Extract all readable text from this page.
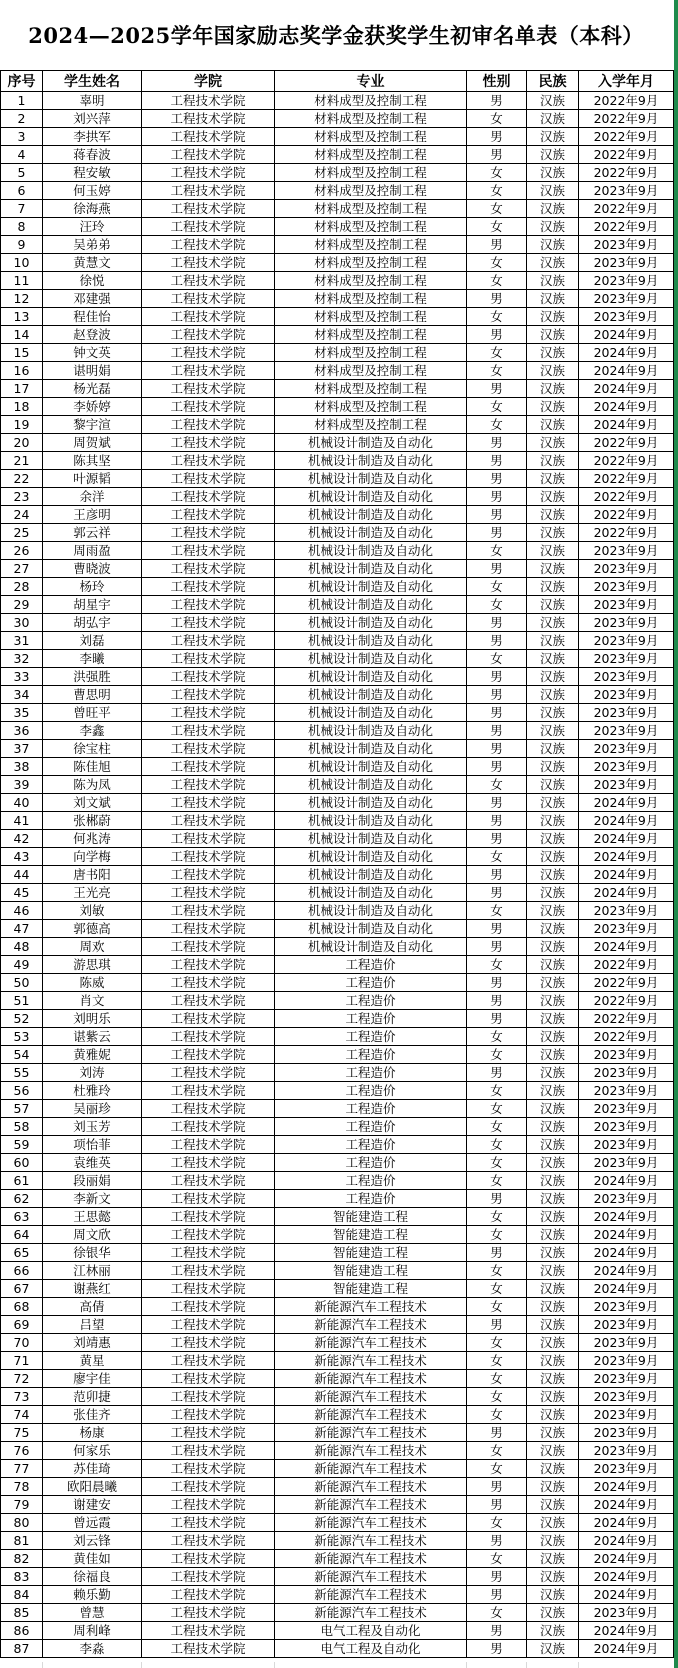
2024—2025学年国家励志奖学金获奖学生初审名单表（本科）
序号	学生姓名	学院	专业	性别	民族	入学年月
1	辜明	工程技术学院	材料成型及控制工程	男	汉族	2022年9月
2	刘兴萍	工程技术学院	材料成型及控制工程	女	汉族	2022年9月
3	李拱军	工程技术学院	材料成型及控制工程	男	汉族	2022年9月
4	蒋春波	工程技术学院	材料成型及控制工程	男	汉族	2022年9月
5	程安敏	工程技术学院	材料成型及控制工程	女	汉族	2022年9月
6	何玉婷	工程技术学院	材料成型及控制工程	女	汉族	2023年9月
7	徐海燕	工程技术学院	材料成型及控制工程	女	汉族	2022年9月
8	汪玲	工程技术学院	材料成型及控制工程	女	汉族	2022年9月
9	吴弟弟	工程技术学院	材料成型及控制工程	男	汉族	2023年9月
10	黄慧文	工程技术学院	材料成型及控制工程	女	汉族	2023年9月
11	徐悦	工程技术学院	材料成型及控制工程	女	汉族	2023年9月
12	邓建强	工程技术学院	材料成型及控制工程	男	汉族	2023年9月
13	程佳怡	工程技术学院	材料成型及控制工程	女	汉族	2023年9月
14	赵登波	工程技术学院	材料成型及控制工程	男	汉族	2024年9月
15	钟文英	工程技术学院	材料成型及控制工程	女	汉族	2024年9月
16	谌明娟	工程技术学院	材料成型及控制工程	女	汉族	2024年9月
17	杨光磊	工程技术学院	材料成型及控制工程	男	汉族	2024年9月
18	李娇婷	工程技术学院	材料成型及控制工程	女	汉族	2024年9月
19	黎宇渲	工程技术学院	材料成型及控制工程	女	汉族	2024年9月
20	周贺斌	工程技术学院	机械设计制造及自动化	男	汉族	2022年9月
21	陈其坚	工程技术学院	机械设计制造及自动化	男	汉族	2022年9月
22	叶源韬	工程技术学院	机械设计制造及自动化	男	汉族	2022年9月
23	余洋	工程技术学院	机械设计制造及自动化	男	汉族	2022年9月
24	王彦明	工程技术学院	机械设计制造及自动化	男	汉族	2022年9月
25	郭云祥	工程技术学院	机械设计制造及自动化	男	汉族	2022年9月
26	周雨盈	工程技术学院	机械设计制造及自动化	女	汉族	2023年9月
27	曹晓波	工程技术学院	机械设计制造及自动化	男	汉族	2023年9月
28	杨玲	工程技术学院	机械设计制造及自动化	女	汉族	2023年9月
29	胡星宇	工程技术学院	机械设计制造及自动化	女	汉族	2023年9月
30	胡弘宇	工程技术学院	机械设计制造及自动化	男	汉族	2023年9月
31	刘磊	工程技术学院	机械设计制造及自动化	男	汉族	2023年9月
32	李曦	工程技术学院	机械设计制造及自动化	女	汉族	2023年9月
33	洪强胜	工程技术学院	机械设计制造及自动化	男	汉族	2023年9月
34	曹思明	工程技术学院	机械设计制造及自动化	男	汉族	2023年9月
35	曾旺平	工程技术学院	机械设计制造及自动化	男	汉族	2023年9月
36	李鑫	工程技术学院	机械设计制造及自动化	男	汉族	2023年9月
37	徐宝柱	工程技术学院	机械设计制造及自动化	男	汉族	2023年9月
38	陈佳旭	工程技术学院	机械设计制造及自动化	男	汉族	2023年9月
39	陈为凤	工程技术学院	机械设计制造及自动化	女	汉族	2023年9月
40	刘文斌	工程技术学院	机械设计制造及自动化	男	汉族	2024年9月
41	张郴蔚	工程技术学院	机械设计制造及自动化	男	汉族	2024年9月
42	何兆涛	工程技术学院	机械设计制造及自动化	男	汉族	2024年9月
43	向学梅	工程技术学院	机械设计制造及自动化	女	汉族	2024年9月
44	唐书阳	工程技术学院	机械设计制造及自动化	男	汉族	2024年9月
45	王光亮	工程技术学院	机械设计制造及自动化	男	汉族	2024年9月
46	刘敏	工程技术学院	机械设计制造及自动化	女	汉族	2023年9月
47	郭德高	工程技术学院	机械设计制造及自动化	男	汉族	2023年9月
48	周欢	工程技术学院	机械设计制造及自动化	男	汉族	2024年9月
49	游思琪	工程技术学院	工程造价	女	汉族	2022年9月
50	陈威	工程技术学院	工程造价	男	汉族	2022年9月
51	肖文	工程技术学院	工程造价	男	汉族	2022年9月
52	刘明乐	工程技术学院	工程造价	男	汉族	2022年9月
53	谌紫云	工程技术学院	工程造价	女	汉族	2022年9月
54	黄雅妮	工程技术学院	工程造价	女	汉族	2023年9月
55	刘涛	工程技术学院	工程造价	男	汉族	2023年9月
56	杜雅玲	工程技术学院	工程造价	女	汉族	2023年9月
57	吴丽珍	工程技术学院	工程造价	女	汉族	2023年9月
58	刘玉芳	工程技术学院	工程造价	女	汉族	2023年9月
59	项怡菲	工程技术学院	工程造价	女	汉族	2023年9月
60	袁维英	工程技术学院	工程造价	女	汉族	2023年9月
61	段丽娟	工程技术学院	工程造价	女	汉族	2024年9月
62	李新文	工程技术学院	工程造价	男	汉族	2023年9月
63	王思懿	工程技术学院	智能建造工程	女	汉族	2024年9月
64	周文欣	工程技术学院	智能建造工程	女	汉族	2024年9月
65	徐银华	工程技术学院	智能建造工程	男	汉族	2024年9月
66	江林丽	工程技术学院	智能建造工程	女	汉族	2024年9月
67	谢燕红	工程技术学院	智能建造工程	女	汉族	2024年9月
68	高倩	工程技术学院	新能源汽车工程技术	女	汉族	2023年9月
69	吕望	工程技术学院	新能源汽车工程技术	男	汉族	2023年9月
70	刘靖惠	工程技术学院	新能源汽车工程技术	女	汉族	2023年9月
71	黄星	工程技术学院	新能源汽车工程技术	女	汉族	2023年9月
72	廖宇佳	工程技术学院	新能源汽车工程技术	女	汉族	2023年9月
73	范卯捷	工程技术学院	新能源汽车工程技术	女	汉族	2023年9月
74	张佳齐	工程技术学院	新能源汽车工程技术	女	汉族	2023年9月
75	杨康	工程技术学院	新能源汽车工程技术	男	汉族	2023年9月
76	何家乐	工程技术学院	新能源汽车工程技术	女	汉族	2023年9月
77	苏佳琦	工程技术学院	新能源汽车工程技术	女	汉族	2023年9月
78	欧阳晨曦	工程技术学院	新能源汽车工程技术	男	汉族	2024年9月
79	谢建安	工程技术学院	新能源汽车工程技术	男	汉族	2024年9月
80	曾远霞	工程技术学院	新能源汽车工程技术	女	汉族	2024年9月
81	刘云锋	工程技术学院	新能源汽车工程技术	男	汉族	2024年9月
82	黄佳如	工程技术学院	新能源汽车工程技术	女	汉族	2024年9月
83	徐福良	工程技术学院	新能源汽车工程技术	男	汉族	2024年9月
84	赖乐勤	工程技术学院	新能源汽车工程技术	男	汉族	2024年9月
85	曾慧	工程技术学院	新能源汽车工程技术	女	汉族	2023年9月
86	周利峰	工程技术学院	电气工程及自动化	男	汉族	2024年9月
87	李淼	工程技术学院	电气工程及自动化	男	汉族	2024年9月
